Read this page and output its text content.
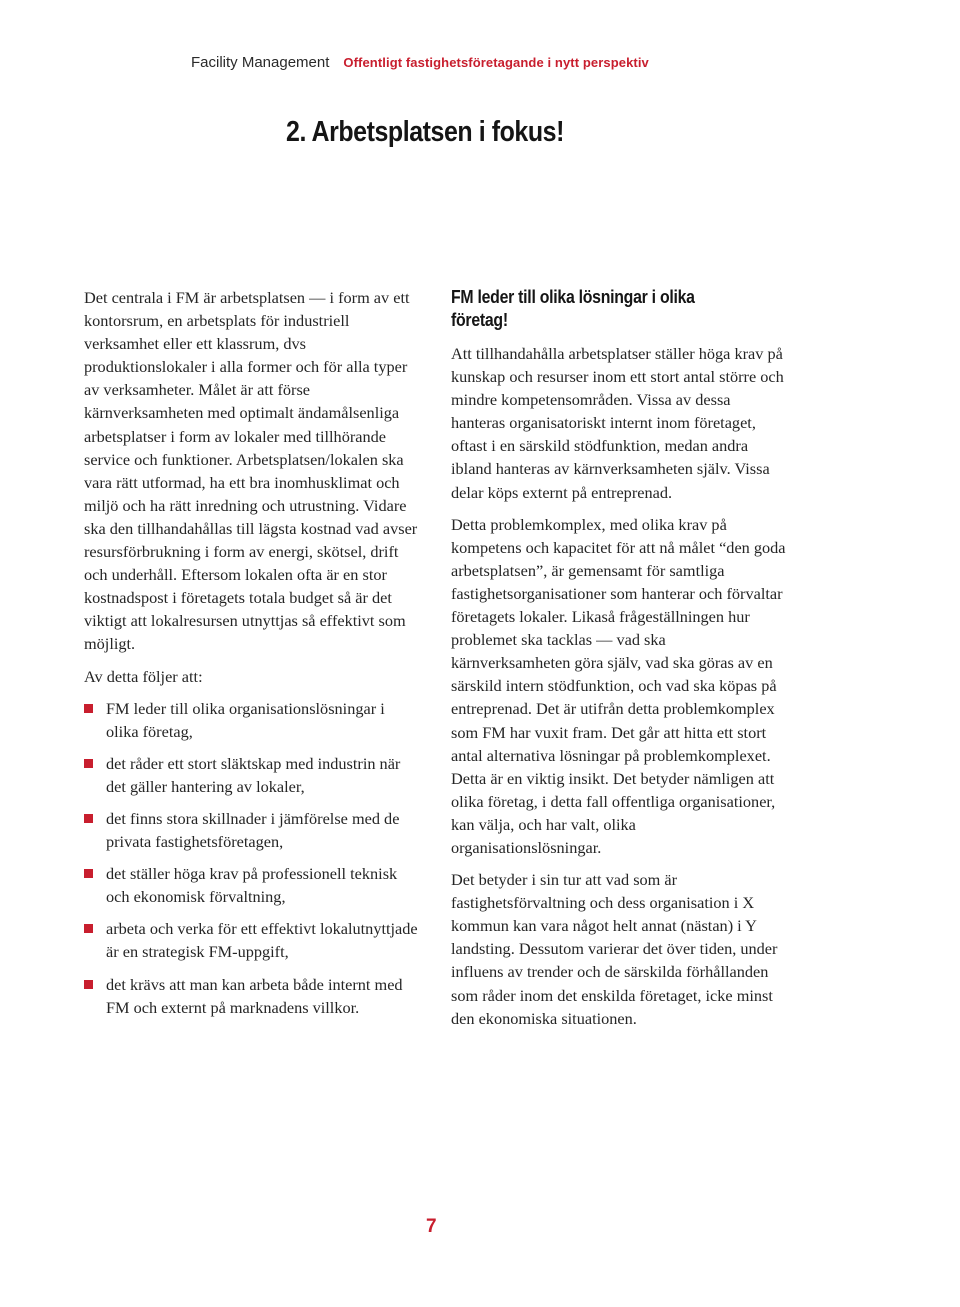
Facility Management Offentligt fastighetsföretagande i nytt perspektiv
2. Arbetsplatsen i fokus!

Det centrala i FM är arbetsplatsen — i form av ett kontorsrum, en arbetsplats för industriell verksamhet eller ett klassrum, dvs produktionslokaler i alla former och för alla typer av verksamheter. Målet är att förse kärnverksamheten med optimalt ändamålsenliga arbetsplatser i form av lokaler med tillhörande service och funktioner. Arbetsplatsen/lokalen ska vara rätt utformad, ha ett bra inomhusklimat och miljö och ha rätt inredning och utrustning. Vidare ska den tillhandahållas till lägsta kostnad vad avser resursförbrukning i form av energi, skötsel, drift och underhåll. Eftersom lokalen ofta är en stor kostnadspost i företagets totala budget så är det viktigt att lokalresursen utnyttjas så effektivt som möjligt.

Av detta följer att:

FM leder till olika organisationslösningar i olika företag,
det råder ett stort släktskap med industrin när det gäller hantering av lokaler,
det finns stora skillnader i jämförelse med de privata fastighetsföretagen,
det ställer höga krav på professionell teknisk och ekonomisk förvaltning,
arbeta och verka för ett effektivt lokalutnyttjade är en strategisk FM-uppgift,
det krävs att man kan arbeta både internt med FM och externt på marknadens villkor.
FM leder till olika lösningar i olika företag!

Att tillhandahålla arbetsplatser ställer höga krav på kunskap och resurser inom ett stort antal större och mindre kompetensområden. Vissa av dessa hanteras organisatoriskt internt inom företaget, oftast i en särskild stödfunktion, medan andra ibland hanteras av kärnverksamheten själv. Vissa delar köps externt på entreprenad.

Detta problemkomplex, med olika krav på kompetens och kapacitet för att nå målet “den goda arbetsplatsen”, är gemensamt för samtliga fastighetsorganisationer som hanterar och förvaltar företagets lokaler. Likaså frågeställningen hur problemet ska tacklas — vad ska kärnverksamheten göra själv, vad ska göras av en särskild intern stödfunktion, och vad ska köpas på entreprenad. Det är utifrån detta problemkomplex som FM har vuxit fram. Det går att hitta ett stort antal alternativa lösningar på problemkomplexet. Detta är en viktig insikt. Det betyder nämligen att olika företag, i detta fall offentliga organisationer, kan välja, och har valt, olika organisationslösningar.

Det betyder i sin tur att vad som är fastighetsförvaltning och dess organisation i X kommun kan vara något helt annat (nästan) i Y landsting. Dessutom varierar det över tiden, under influens av trender och de särskilda förhållanden som råder inom det enskilda företaget, icke minst den ekonomiska situationen.

7
